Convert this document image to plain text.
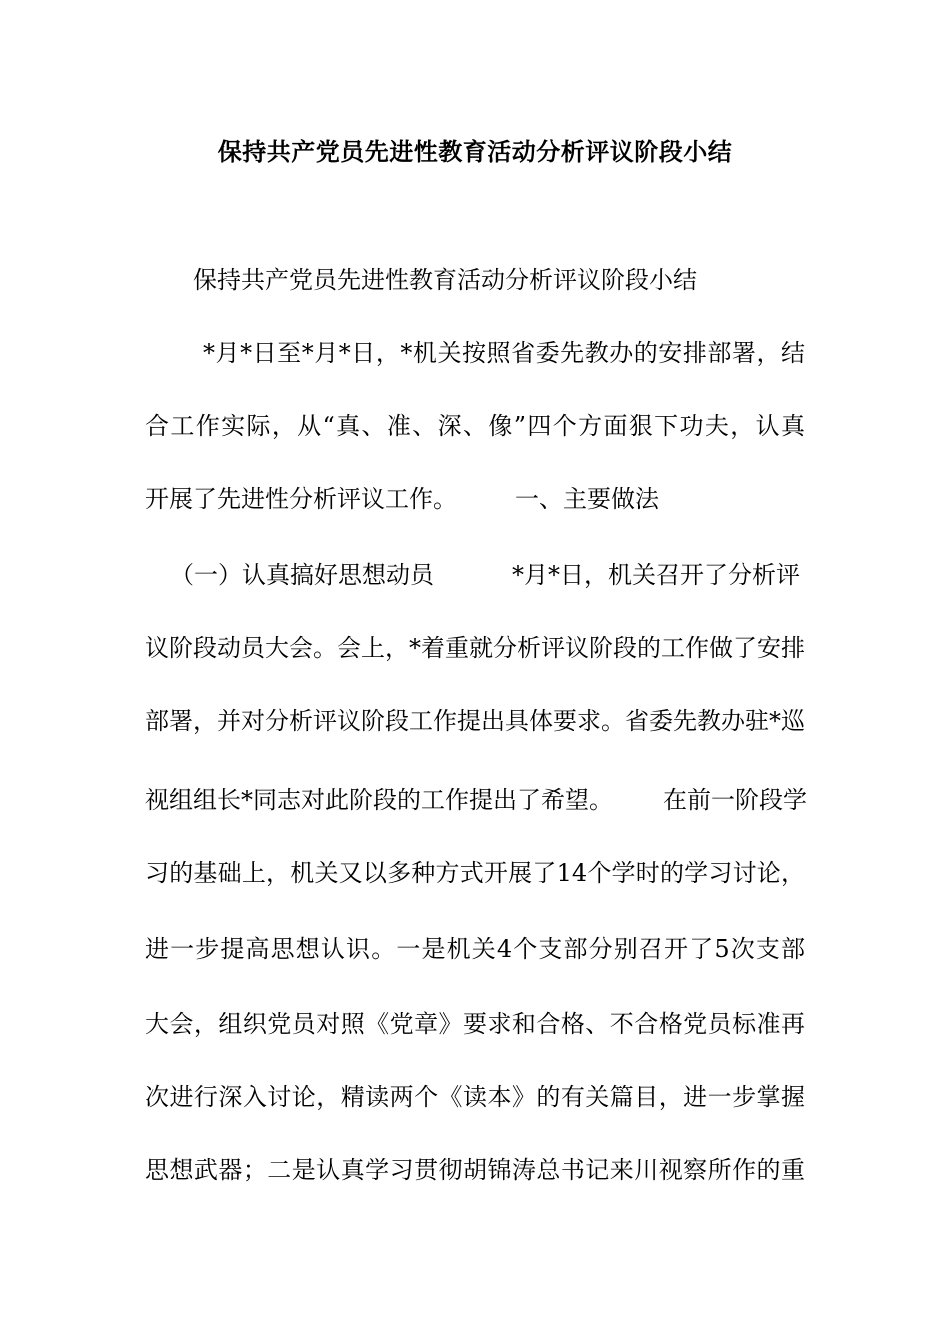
保持共产党员先进性教育活动分析评议阶段小结
保持共产党员先进性教育活动分析评议阶段小结
*月*日至*月*日，*机关按照省委先教办的安排部署，结
合工作实际，从“真、准、深、像”四个方面狠下功夫，认真
开展了先进性分析评议工作。 一、主要做法
（一）认真搞好思想动员	*月*日，机关召开了分析评
议阶段动员大会。会上，*着重就分析评议阶段的工作做了安排
部署，并对分析评议阶段工作提出具体要求。省委先教办驻*巡
视组组长*同志对此阶段的工作提出了希望。 在前一阶段学
习的基础上，机关又以多种方式开展了14个学时的学习讨论，
进一步提高思想认识。一是机关4个支部分别召开了5次支部
大会，组织党员对照《党章》要求和合格、不合格党员标准再
次进行深入讨论，精读两个《读本》的有关篇目，进一步掌握
思想武器；二是认真学习贯彻胡锦涛总书记来川视察所作的重
